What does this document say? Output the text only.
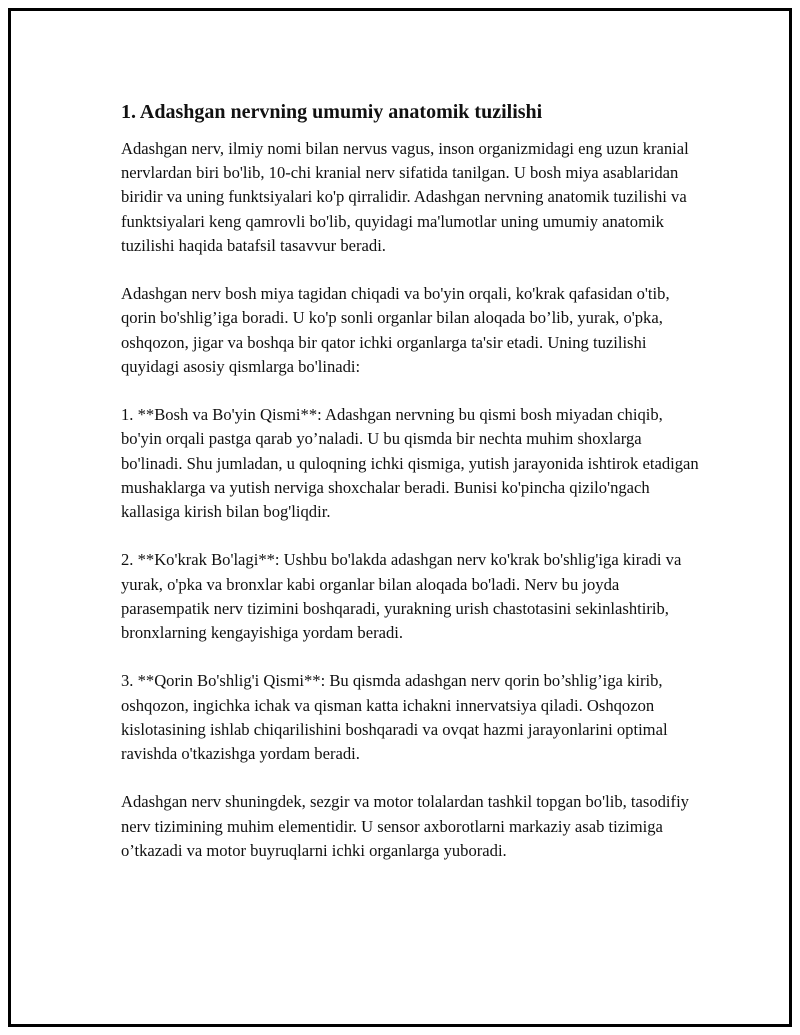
1. Adashgan nervning umumiy anatomik tuzilishi

Adashgan nerv, ilmiy nomi bilan nervus vagus, inson organizmidagi eng uzun kranial nervlardan biri bo'lib, 10-chi kranial nerv sifatida tanilgan. U bosh miya asablaridan biridir va uning funktsiyalari ko'p qirralidir. Adashgan nervning anatomik tuzilishi va funktsiyalari keng qamrovli bo'lib, quyidagi ma'lumotlar uning umumiy anatomik tuzilishi haqida batafsil tasavvur beradi.

Adashgan nerv bosh miya tagidan chiqadi va bo'yin orqali, ko'krak qafasidan o'tib, qorin bo'shlig’iga boradi. U ko'p sonli organlar bilan aloqada bo’lib, yurak, o'pka, oshqozon, jigar va boshqa bir qator ichki organlarga ta'sir etadi. Uning tuzilishi quyidagi asosiy qismlarga bo'linadi:

1. **Bosh va Bo'yin Qismi**: Adashgan nervning bu qismi bosh miyadan chiqib, bo'yin orqali pastga qarab yo’naladi. U bu qismda bir nechta muhim shoxlarga bo'linadi. Shu jumladan, u quloqning ichki qismiga, yutish jarayonida ishtirok etadigan mushaklarga va yutish nerviga shoxchalar beradi. Bunisi ko'pincha qizilo'ngach kallasiga kirish bilan bog'liqdir.

2. **Ko'krak Bo'lagi**: Ushbu bo'lakda adashgan nerv ko'krak bo'shlig'iga kiradi va yurak, o'pka va bronxlar kabi organlar bilan aloqada bo'ladi. Nerv bu joyda parasempatik nerv tizimini boshqaradi, yurakning urish chastotasini sekinlashtirib, bronxlarning kengayishiga yordam beradi.

3. **Qorin Bo'shlig'i Qismi**: Bu qismda adashgan nerv qorin bo’shlig’iga kirib, oshqozon, ingichka ichak va qisman katta ichakni innervatsiya qiladi. Oshqozon kislotasining ishlab chiqarilishini boshqaradi va ovqat hazmi jarayonlarini optimal ravishda o'tkazishga yordam beradi.

Adashgan nerv shuningdek, sezgir va motor tolalardan tashkil topgan bo'lib, tasodifiy nerv tizimining muhim elementidir. U sensor axborotlarni markaziy asab tizimiga o’tkazadi va motor buyruqlarni ichki organlarga yuboradi.
